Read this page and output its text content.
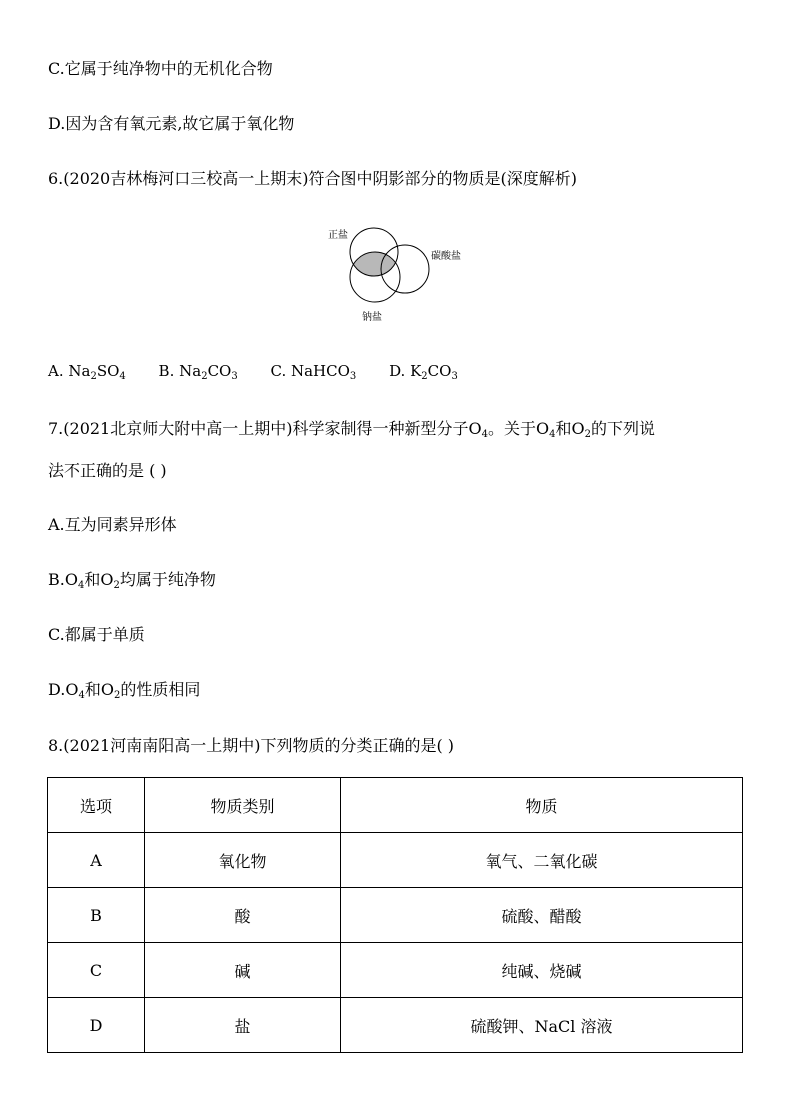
C.它属于纯净物中的无机化合物
D.因为含有氧元素,故它属于氧化物
6.(2020吉林梅河口三校高一上期末)符合图中阴影部分的物质是(深度解析)
正盐
碳酸盐
钠盐
A. $Na_2SO_4$ B. $Na_2CO_3$ C. NaHCO$_3$ D. $K_2CO_3$
7.(2021北京师大附中高一上期中)科学家制得一种新型分子$O_4$。关于$O_4$和$O_2$的下列说
法不正确的是 ( )
A.互为同素异形体
$B.O_4$和$O_2$均属于纯净物
C.都属于单质
$D.O_4$和$O_2$的性质相同
8.(2021河南南阳高一上期中)下列物质的分类正确的是( )
选项	物质类别	物质
A	氧化物	氧气、二氧化碳
B	酸	硫酸、醋酸
C	碱	纯碱、烧碱
D	盐	硫酸钾、NaCl 溶液
